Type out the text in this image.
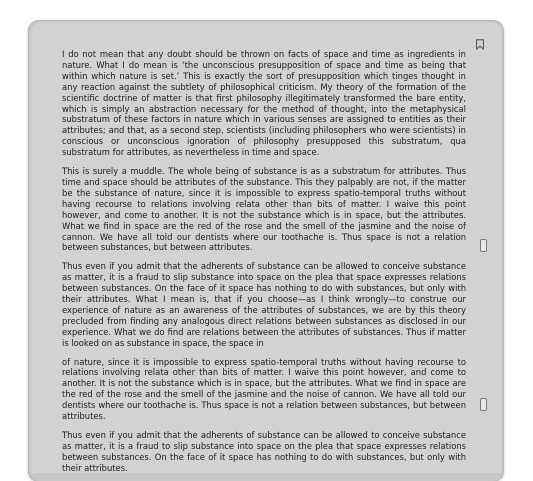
I do not mean that any doubt should be thrown on facts of space and time as ingredients in nature. What I do mean is ‘the unconscious presupposition of space and time as being that within which nature is set.’ This is exactly the sort of presupposition which tinges thought in any reaction against the subtlety of philosophical criticism. My theory of the formation of the scientific doctrine of matter is that first philosophy illegitimately transformed the bare entity, which is simply an abstraction necessary for the method of thought, into the metaphysical substratum of these factors in nature which in various senses are assigned to entities as their attributes; and that, as a second step, scientists (including philosophers who were scientists) in conscious or unconscious ignoration of philosophy presupposed this substratum, qua substratum for attributes, as nevertheless in time and space.

This is surely a muddle. The whole being of substance is as a substratum for attributes. Thus time and space should be attributes of the substance. This they palpably are not, if the matter be the substance of nature, since it is impossible to express spatio-temporal truths without having recourse to relations involving relata other than bits of matter. I waive this point however, and come to another. It is not the substance which is in space, but the attributes. What we find in space are the red of the rose and the smell of the jasmine and the noise of cannon. We have all told our dentists where our toothache is. Thus space is not a relation between substances, but between attributes.

Thus even if you admit that the adherents of substance can be allowed to conceive substance as matter, it is a fraud to slip substance into space on the plea that space expresses relations between substances. On the face of it space has nothing to do with substances, but only with their attributes. What I mean is, that if you choose—as I think wrongly—to construe our experience of nature as an awareness of the attributes of substances, we are by this theory precluded from finding any analogous direct relations between substances as disclosed in our experience. What we do find are relations between the attributes of substances. Thus if matter is looked on as substance in space, the space in

of nature, since it is impossible to express spatio-temporal truths without having recourse to relations involving relata other than bits of matter. I waive this point however, and come to another. It is not the substance which is in space, but the attributes. What we find in space are the red of the rose and the smell of the jasmine and the noise of cannon. We have all told our dentists where our toothache is. Thus space is not a relation between substances, but between attributes.

Thus even if you admit that the adherents of substance can be allowed to conceive substance as matter, it is a fraud to slip substance into space on the plea that space expresses relations between substances. On the face of it space has nothing to do with substances, but only with their attributes.
